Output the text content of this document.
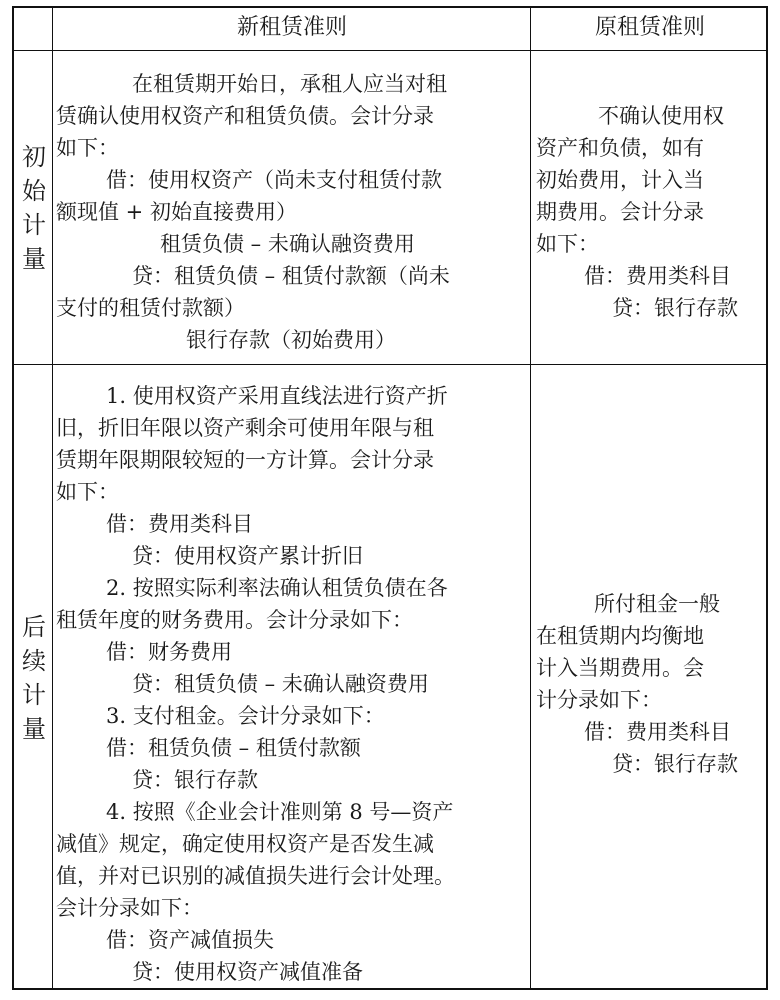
新租赁准则	原租赁准则
初始计量
后续计量
在租赁期开始日，承租人应当对租
赁确认使用权资产和租赁负债。会计分录
如下：
借：使用权资产（尚未支付租赁付款
额现值 + 初始直接费用）
租赁负债 – 未确认融资费用
贷：租赁负债 – 租赁付款额（尚未
支付的租赁付款额）
银行存款（初始费用）
不确认使用权
资产和负债，如有
初始费用，计入当
期费用。会计分录
如下：
借：费用类科目
贷：银行存款
1. 使用权资产采用直线法进行资产折
旧，折旧年限以资产剩余可使用年限与租
赁期年限期限较短的一方计算。会计分录
如下：
借：费用类科目
贷：使用权资产累计折旧
2. 按照实际利率法确认租赁负债在各
租赁年度的财务费用。会计分录如下：
借：财务费用
贷：租赁负债 – 未确认融资费用
3. 支付租金。会计分录如下：
借：租赁负债 – 租赁付款额
贷：银行存款
4. 按照《企业会计准则第 8 号—资产
减值》规定，确定使用权资产是否发生减
值，并对已识别的减值损失进行会计处理。
会计分录如下：
借：资产减值损失
贷：使用权资产减值准备
所付租金一般
在租赁期内均衡地
计入当期费用。会
计分录如下：
借：费用类科目
贷：银行存款
